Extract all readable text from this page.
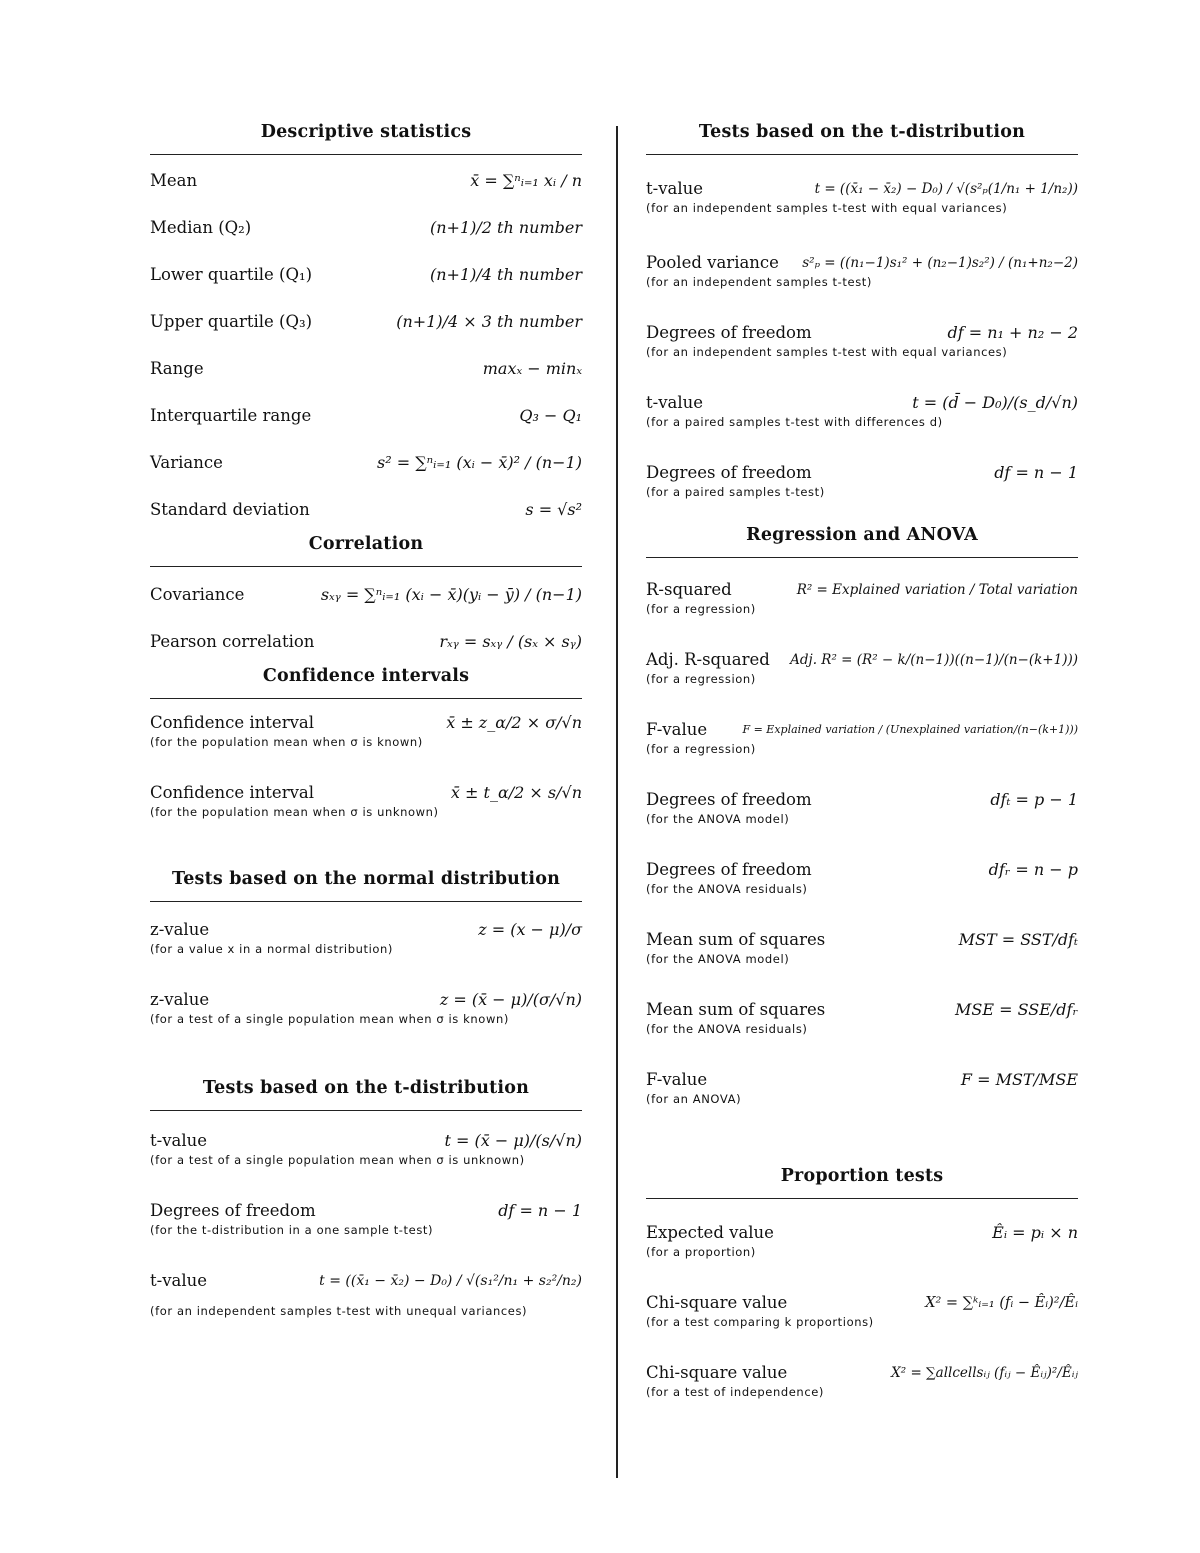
Descriptive statistics
Mean	x̄ = ∑ⁿᵢ₌₁ xᵢ / n
Median (Q₂)	(n+1)/2 th number
Lower quartile (Q₁)	(n+1)/4 th number
Upper quartile (Q₃)	(n+1)/4 × 3 th number
Range	maxₓ − minₓ
Interquartile range	Q₃ − Q₁
Variance	s² = ∑ⁿᵢ₌₁ (xᵢ − x̄)² / (n−1)
Standard deviation	s = √s²
Correlation
Covariance	sₓᵧ = ∑ⁿᵢ₌₁ (xᵢ − x̄)(yᵢ − ȳ) / (n−1)
Pearson correlation	rₓᵧ = sₓᵧ / (sₓ × sᵧ)
Confidence intervals
Confidence interval	x̄ ± z_α/2 × σ/√n
(for the population mean when σ is known)
Confidence interval	x̄ ± t_α/2 × s/√n
(for the population mean when σ is unknown)
Tests based on the normal distribution
z-value	z = (x − μ)/σ
(for a value x in a normal distribution)
z-value	z = (x̄ − μ)/(σ/√n)
(for a test of a single population mean when σ is known)
Tests based on the t-distribution
t-value	t = (x̄ − μ)/(s/√n)
(for a test of a single population mean when σ is unknown)
Degrees of freedom	df = n − 1
(for the t-distribution in a one sample t-test)
t-value	t = ((x̄₁ − x̄₂) − D₀) / √(s₁²/n₁ + s₂²/n₂)
(for an independent samples t-test with unequal variances)
Tests based on the t-distribution
t-value	t = ((x̄₁ − x̄₂) − D₀) / √(s²ₚ(1/n₁ + 1/n₂))
(for an independent samples t-test with equal variances)
Pooled variance s²ₚ = ((n₁−1)s₁² + (n₂−1)s₂²) / (n₁+n₂−2)
(for an independent samples t-test)
Degrees of freedom	df = n₁ + n₂ − 2
(for an independent samples t-test with equal variances)
t-value	t = (d̄ − D₀)/(s_d/√n)
(for a paired samples t-test with differences d)
Degrees of freedom	df = n − 1
(for a paired samples t-test)
Regression and ANOVA
R-squared	R² = Explained variation / Total variation
(for a regression)
Adj. R-squared Adj. R² = (R² − k/(n−1))((n−1)/(n−(k+1)))
(for a regression)
F-value	F = Explained variation / (Unexplained variation/(n−(k+1)))
(for a regression)
Degrees of freedom	dfₜ = p − 1
(for the ANOVA model)
Degrees of freedom	dfᵣ = n − p
(for the ANOVA residuals)
Mean sum of squares	MST = SST/dfₜ
(for the ANOVA model)
Mean sum of squares	MSE = SSE/dfᵣ
(for the ANOVA residuals)
F-value	F = MST/MSE
(for an ANOVA)
Proportion tests
Expected value	Êᵢ = pᵢ × n
(for a proportion)
Chi-square value	X² = ∑ᵏᵢ₌₁ (fᵢ − Êᵢ)²/Êᵢ
(for a test comparing k proportions)
Chi-square value	X² = ∑allcellsᵢⱼ (fᵢⱼ − Êᵢⱼ)²/Êᵢⱼ
(for a test of independence)
